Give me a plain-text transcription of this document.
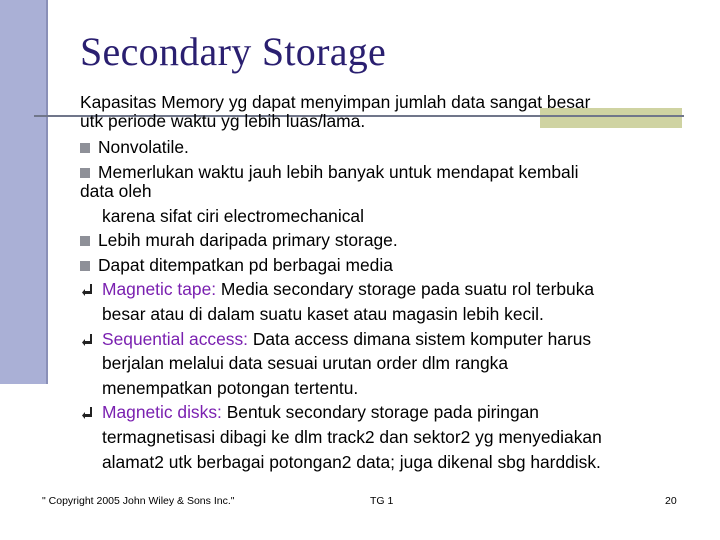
Secondary Storage

Kapasitas Memory yg dapat menyimpan jumlah data sangat besar

utk periode waktu yg lebih luas/lama.

Nonvolatile.

Memerlukan waktu jauh lebih banyak untuk mendapat kembali

data oleh

karena sifat ciri electromechanical

Lebih murah daripada primary storage.

Dapat ditempatkan pd berbagai media

Magnetic tape: Media secondary storage pada suatu rol terbuka

besar atau di dalam suatu kaset atau magasin lebih kecil.

Sequential access: Data access dimana sistem komputer harus

berjalan melalui data sesuai urutan order dlm rangka

menempatkan potongan tertentu.

Magnetic disks: Bentuk secondary storage pada piringan

termagnetisasi dibagi ke dlm track2 dan sektor2 yg menyediakan

alamat2 utk berbagai potongan2 data; juga dikenal sbg harddisk.

" Copyright 2005 John Wiley & Sons Inc."	TG 1	20
